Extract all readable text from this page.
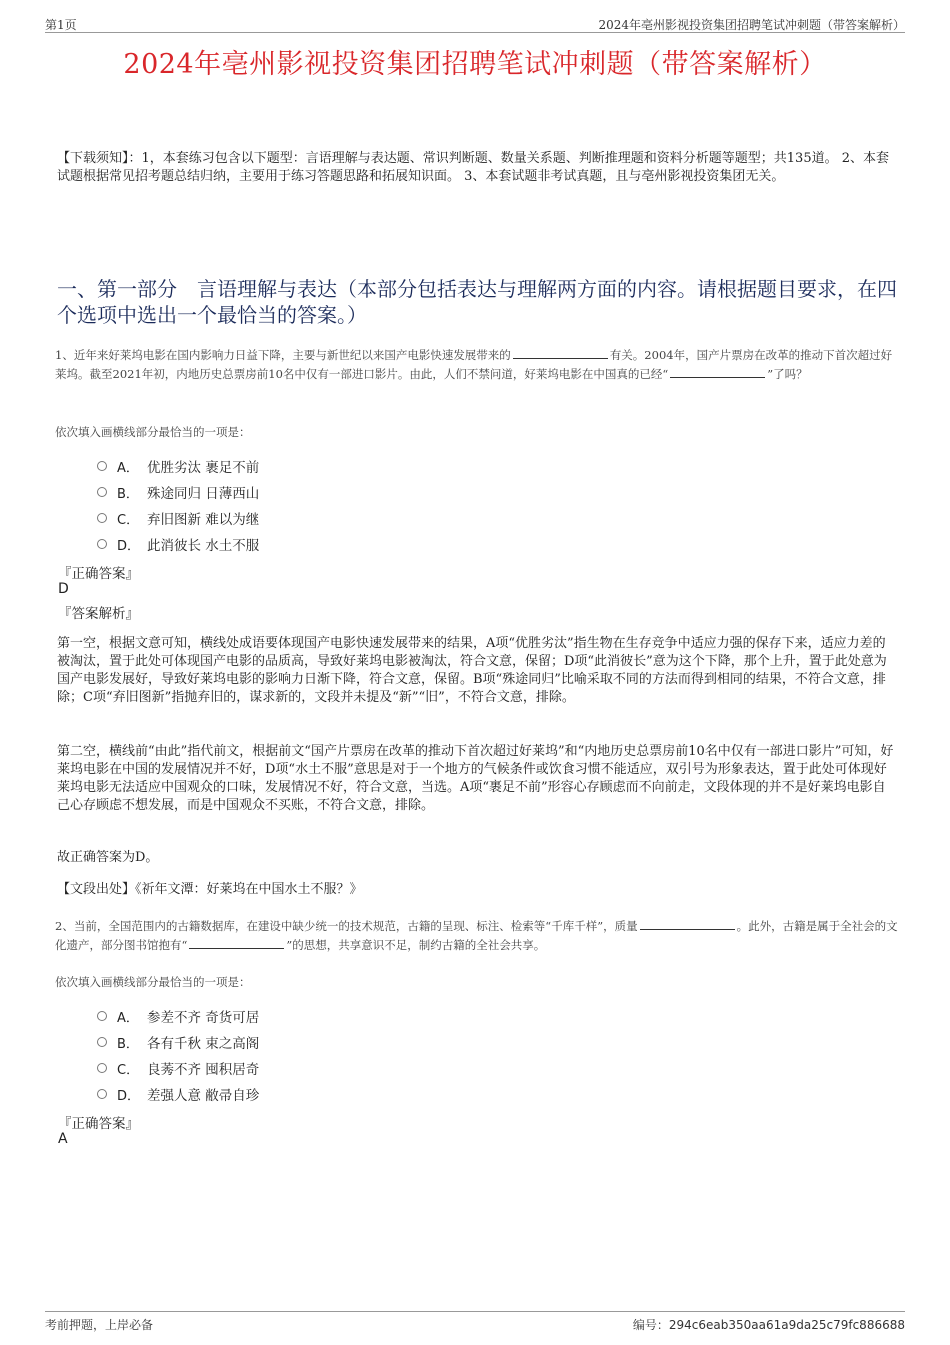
第1页	2024年亳州影视投资集团招聘笔试冲刺题（带答案解析）
2024年亳州影视投资集团招聘笔试冲刺题（带答案解析）
【下载须知】：1，本套练习包含以下题型：言语理解与表达题、常识判断题、数量关系题、判断推理题和资料分析题等题型；共135道。 2、本套试题根据常见招考题总结归纳，主要用于练习答题思路和拓展知识面。 3、本套试题非考试真题，且与亳州影视投资集团无关。
一、第一部分　言语理解与表达（本部分包括表达与理解两方面的内容。请根据题目要求，在四个选项中选出一个最恰当的答案。）
1、近年来好莱坞电影在国内影响力日益下降，主要与新世纪以来国产电影快速发展带来的	有关。2004年，国产片票房在改革的推动下首次超过好莱坞。截至2021年初，内地历史总票房前10名中仅有一部进口影片。由此，人们不禁问道，好莱坞电影在中国真的已经“	”了吗？
依次填入画横线部分最恰当的一项是：
A． 优胜劣汰 裹足不前
B． 殊途同归 日薄西山
C． 弃旧图新 难以为继
D． 此消彼长 水土不服
『正确答案』
D
『答案解析』
第一空，根据文意可知，横线处成语要体现国产电影快速发展带来的结果，A项“优胜劣汰”指生物在生存竞争中适应力强的保存下来，适应力差的被淘汰，置于此处可体现国产电影的品质高，导致好莱坞电影被淘汰，符合文意，保留；D项“此消彼长”意为这个下降，那个上升，置于此处意为国产电影发展好，导致好莱坞电影的影响力日渐下降，符合文意，保留。B项“殊途同归”比喻采取不同的方法而得到相同的结果，不符合文意，排除；C项“弃旧图新”指抛弃旧的，谋求新的，文段并未提及“新”“旧”，不符合文意，排除。
第二空，横线前“由此”指代前文，根据前文“国产片票房在改革的推动下首次超过好莱坞”和“内地历史总票房前10名中仅有一部进口影片”可知，好莱坞电影在中国的发展情况并不好，D项“水土不服”意思是对于一个地方的气候条件或饮食习惯不能适应，双引号为形象表达，置于此处可体现好莱坞电影无法适应中国观众的口味，发展情况不好，符合文意，当选。A项“裹足不前”形容心存顾虑而不向前走，文段体现的并不是好莱坞电影自己心存顾虑不想发展，而是中国观众不买账，不符合文意，排除。
故正确答案为D。
【文段出处】《祈年文潭：好莱坞在中国水土不服？》
2、当前，全国范围内的古籍数据库，在建设中缺少统一的技术规范，古籍的呈现、标注、检索等“千库千样”，质量	。此外，古籍是属于全社会的文化遗产，部分图书馆抱有“	”的思想，共享意识不足，制约古籍的全社会共享。
依次填入画横线部分最恰当的一项是：
A． 参差不齐 奇货可居
B． 各有千秋 束之高阁
C． 良莠不齐 囤积居奇
D． 差强人意 敝帚自珍
『正确答案』
A
考前押题，上岸必备	编号：294c6eab350aa61a9da25c79fc886688
